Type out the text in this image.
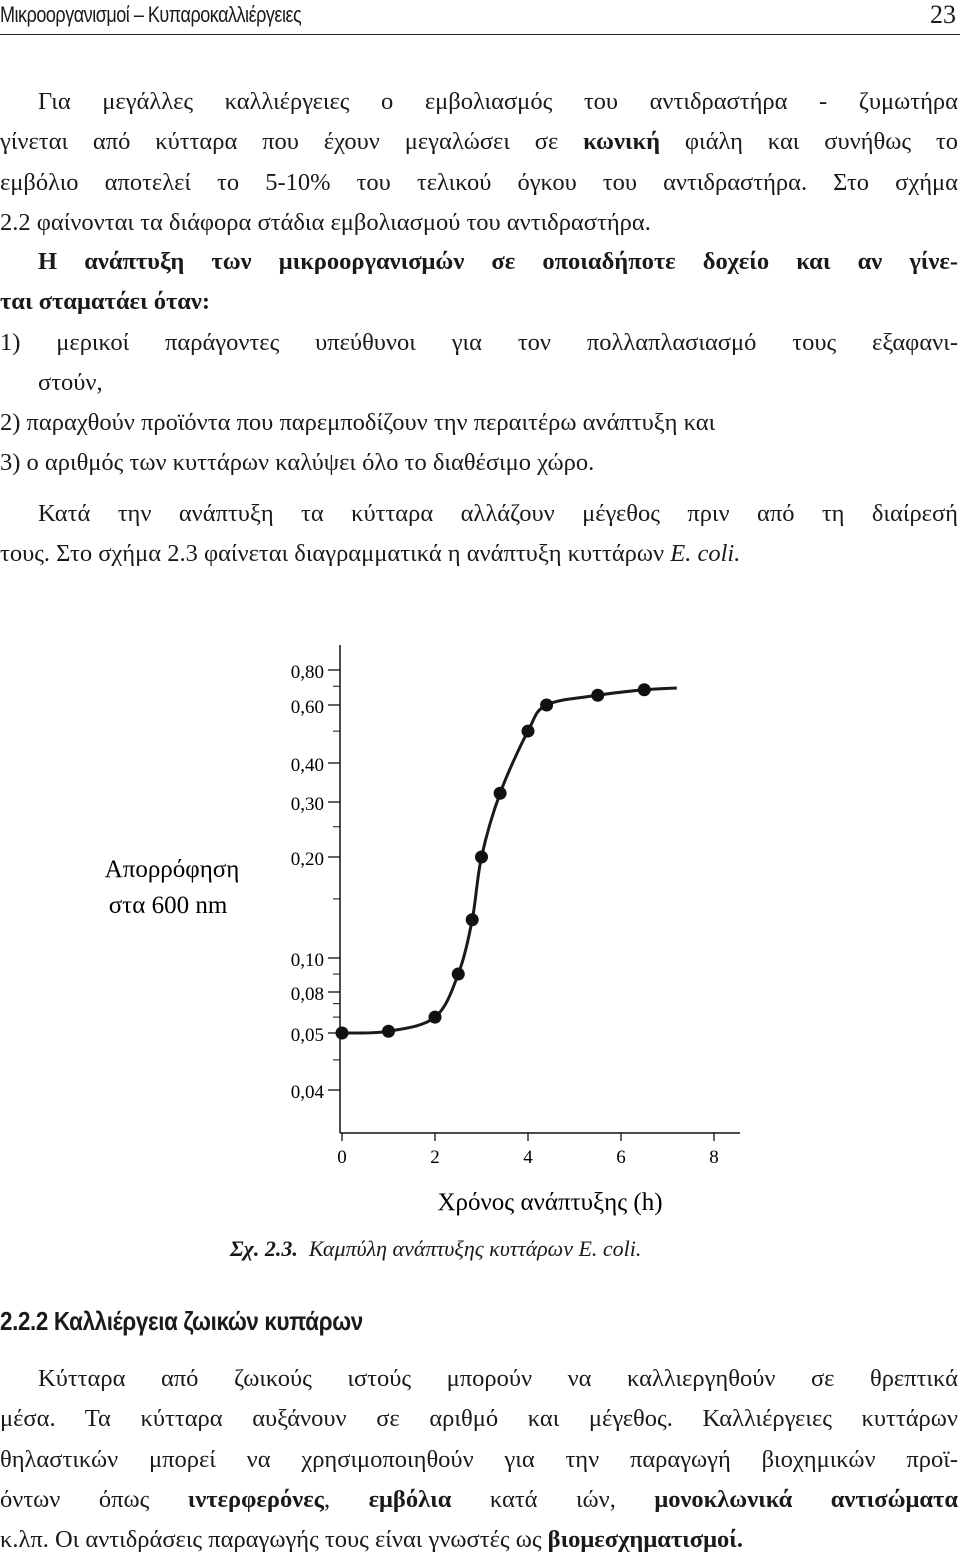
Μικροοργανισμοί – Κυπαροκαλλιέργειες	23
Για μεγάλλες καλλιέργειες ο εμβολιασμός του αντιδραστήρα - ζυμωτήρα
γίνεται από κύτταρα που έχουν μεγαλώσει σε κωνική φιάλη και συνήθως το
εμβόλιο αποτελεί το 5-10% του τελικού όγκου του αντιδραστήρα. Στο σχήμα
2.2 φαίνονται τα διάφορα στάδια εμβολιασμού του αντιδραστήρα.
Η ανάπτυξη των μικροοργανισμών σε οποιαδήποτε δοχείο και αν γίνε-
ται σταματάει όταν:
1) μερικοί παράγοντες υπεύθυνοι για τον πολλαπλασιασμό τους εξαφανι-
στούν,
2) παραχθούν προϊόντα που παρεμποδίζουν την περαιτέρω ανάπτυξη και
3) ο αριθμός των κυττάρων καλύψει όλο το διαθέσιμο χώρο.
Κατά την ανάπτυξη τα κύτταρα αλλάζουν μέγεθος πριν από τη διαίρεσή
τους. Στο σχήμα 2.3 φαίνεται διαγραμματικά η ανάπτυξη κυττάρων E. coli.
0,80
0,60
0,40
0,30
0,20
0,10
0,08
0,05
0,04
0	2	4	6	8
Απορρόφηση
στα 600 nm
Χρόνος ανάπτυξης (h)
Σχ. 2.3. Καμπύλη ανάπτυξης κυττάρων E. coli.
2.2.2 Καλλιέργεια ζωικών κυπάρων
Κύτταρα από ζωικούς ιστούς μπορούν να καλλιεργηθούν σε θρεπτικά
μέσα. Τα κύτταρα αυξάνουν σε αριθμό και μέγεθος. Καλλιέργειες κυττάρων
θηλαστικών μπορεί να χρησιμοποιηθούν για την παραγωγή βιοχημικών προϊ-
όντων όπως ιντερφερόνες, εμβόλια κατά ιών, μονοκλωνικά αντισώματα
κ.λπ. Οι αντιδράσεις παραγωγής τους είναι γνωστές ως βιομεσχηματισμοί.
